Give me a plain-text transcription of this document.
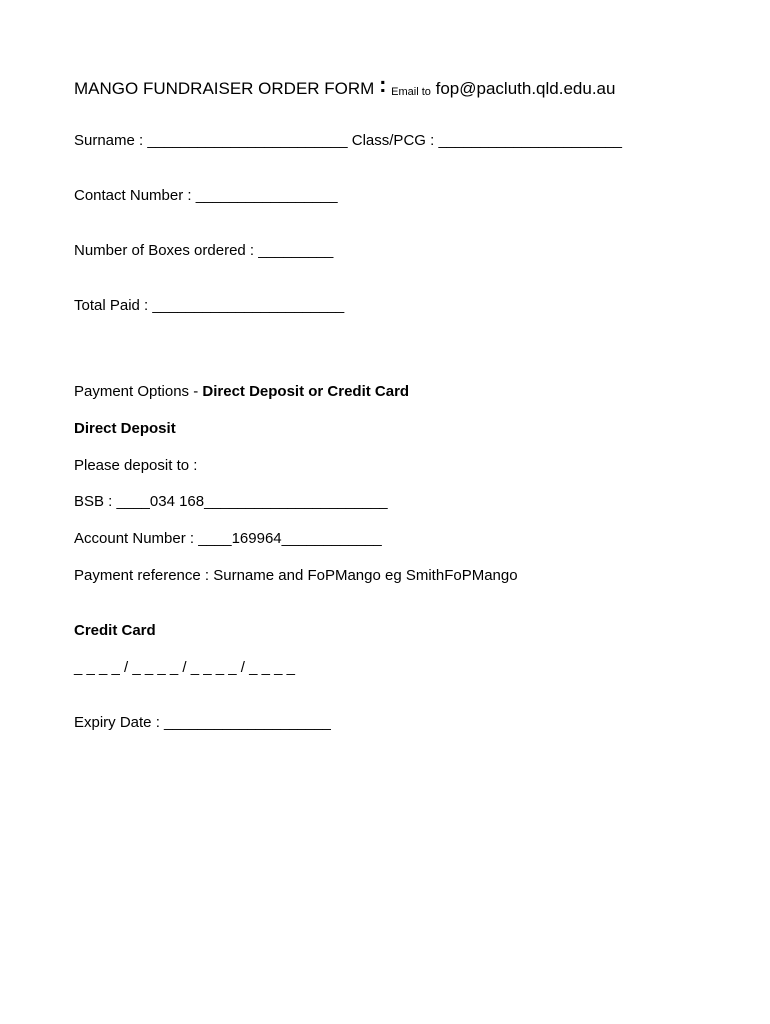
MANGO FUNDRAISER ORDER FORM : Email to fop@pacluth.qld.edu.au
Surname : ________________________ Class/PCG : ______________________
Contact Number : _________________
Number of Boxes ordered : _________
Total Paid : _______________________
Payment Options - Direct Deposit or Credit Card
Direct Deposit
Please deposit to :
BSB : ____034 168______________________
Account Number : ____169964____________
Payment reference : Surname and FoPMango eg SmithFoPMango
Credit Card
_ _ _ _ / _ _ _ _ / _ _ _ _ / _ _ _ _
Expiry Date : ____________________
